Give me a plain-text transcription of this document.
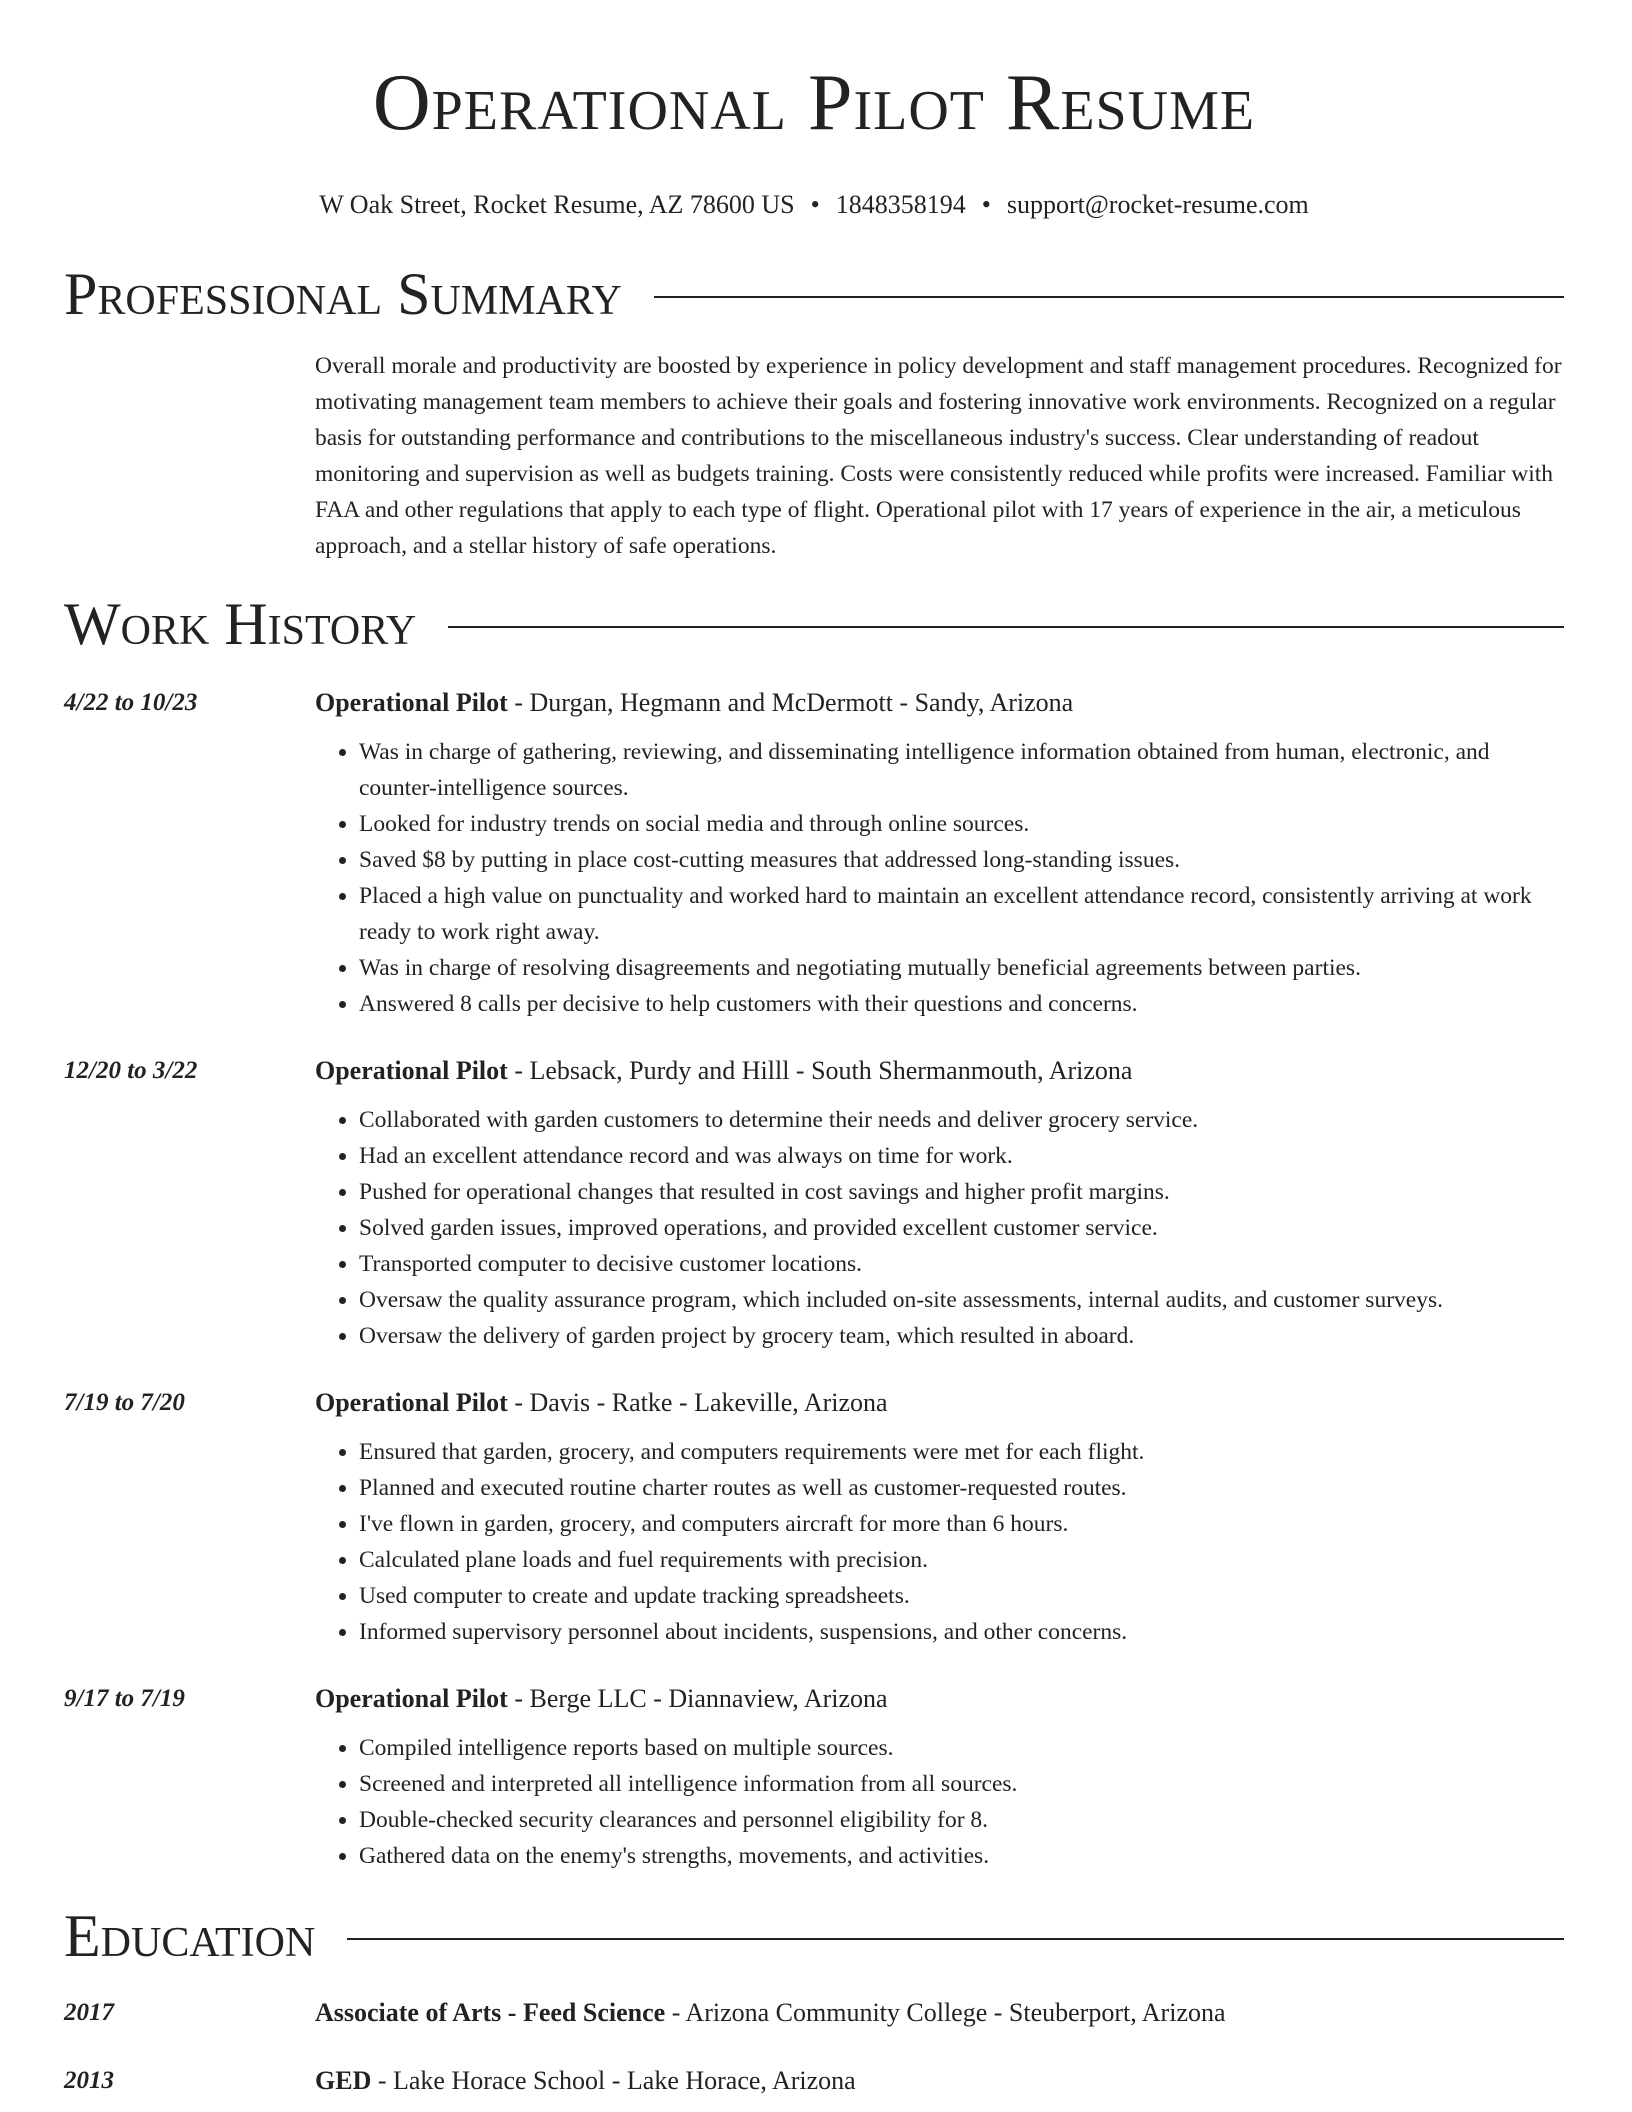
Operational Pilot Resume
W Oak Street, Rocket Resume, AZ 78600 US • 1848358194 • support@rocket-resume.com
Professional Summary
Overall morale and productivity are boosted by experience in policy development and staff management procedures. Recognized for motivating management team members to achieve their goals and fostering innovative work environments. Recognized on a regular basis for outstanding performance and contributions to the miscellaneous industry's success. Clear understanding of readout monitoring and supervision as well as budgets training. Costs were consistently reduced while profits were increased. Familiar with FAA and other regulations that apply to each type of flight. Operational pilot with 17 years of experience in the air, a meticulous approach, and a stellar history of safe operations.
Work History
4/22 to 10/23	Operational Pilot - Durgan, Hegmann and McDermott - Sandy, Arizona
• Was in charge of gathering, reviewing, and disseminating intelligence information obtained from human, electronic, and counter-intelligence sources.
• Looked for industry trends on social media and through online sources.
• Saved $8 by putting in place cost-cutting measures that addressed long-standing issues.
• Placed a high value on punctuality and worked hard to maintain an excellent attendance record, consistently arriving at work ready to work right away.
• Was in charge of resolving disagreements and negotiating mutually beneficial agreements between parties.
• Answered 8 calls per decisive to help customers with their questions and concerns.
12/20 to 3/22	Operational Pilot - Lebsack, Purdy and Hilll - South Shermanmouth, Arizona
• Collaborated with garden customers to determine their needs and deliver grocery service.
• Had an excellent attendance record and was always on time for work.
• Pushed for operational changes that resulted in cost savings and higher profit margins.
• Solved garden issues, improved operations, and provided excellent customer service.
• Transported computer to decisive customer locations.
• Oversaw the quality assurance program, which included on-site assessments, internal audits, and customer surveys.
• Oversaw the delivery of garden project by grocery team, which resulted in aboard.
7/19 to 7/20	Operational Pilot - Davis - Ratke - Lakeville, Arizona
• Ensured that garden, grocery, and computers requirements were met for each flight.
• Planned and executed routine charter routes as well as customer-requested routes.
• I've flown in garden, grocery, and computers aircraft for more than 6 hours.
• Calculated plane loads and fuel requirements with precision.
• Used computer to create and update tracking spreadsheets.
• Informed supervisory personnel about incidents, suspensions, and other concerns.
9/17 to 7/19	Operational Pilot - Berge LLC - Diannaview, Arizona
• Compiled intelligence reports based on multiple sources.
• Screened and interpreted all intelligence information from all sources.
• Double-checked security clearances and personnel eligibility for 8.
• Gathered data on the enemy's strengths, movements, and activities.
Education
2017	Associate of Arts - Feed Science - Arizona Community College - Steuberport, Arizona
2013	GED - Lake Horace School - Lake Horace, Arizona
